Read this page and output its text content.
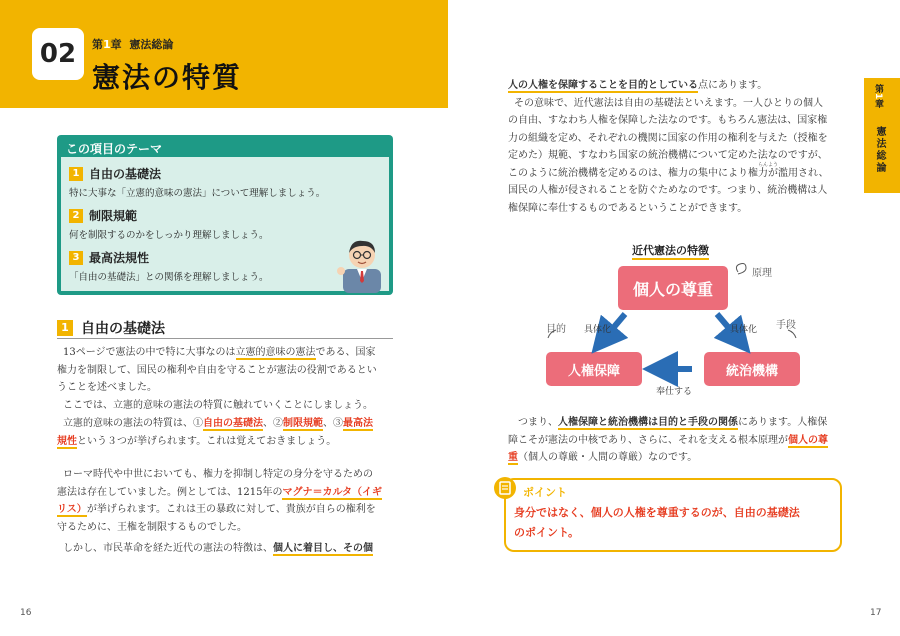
02	第1章 憲法総論
憲法の特質
この項目のテーマ
1 自由の基礎法
特に大事な「立憲的意味の憲法」について理解しましょう。
2 制限規範
何を制限するのかをしっかり理解しましょう。
3 最高法規性
「自由の基礎法」との関係を理解しましょう。
1 自由の基礎法
13ページで憲法の中で特に大事なのは立憲的意味の憲法である、国家
権力を制限して、国民の権利や自由を守ることが憲法の役割であるとい
うことを述べました。
ここでは、立憲的意味の憲法の特質に触れていくことにしましょう。
立憲的意味の憲法の特質は、①自由の基礎法、②制限規範、③最高法
規性という３つが挙げられます。これは覚えておきましょう。
ローマ時代や中世においても、権力を抑制し特定の身分を守るための
憲法は存在していました。例としては、1215年のマグナ＝カルタ（イギ
リス）が挙げられます。これは王の暴政に対して、貴族が自らの権利を
守るために、王権を制限するものでした。
しかし、市民革命を経た近代の憲法の特徴は、個人に着目し、その個
16
第1章
憲法総論
人の人権を保障することを目的としている点にあります。
その意味で、近代憲法は自由の基礎法といえます。一人ひとりの個人
の自由、すなわち人権を保障した法なのです。もちろん憲法は、国家権
力の組織を定め、それぞれの機関に国家の作用の権利を与えた（授権を
定めた）規範、すなわち国家の統治機構について定めた法なのですが、
このように統治機構を定めるのは、権力の集中により権力が濫用され、
国民の人権が侵されることを防ぐためなのです。つまり、統治機構は人
権保障に奉仕するものであるということができます。
らんよう
近代憲法の特徴
個人の尊重
人権保障	統治機構
原理
目的	手段
具体化	具体化
奉仕する
つまり、人権保障と統治機構は目的と手段の関係にあります。人権保
障こそが憲法の中核であり、さらに、それを支える根本原理が個人の尊
重（個人の尊厳・人間の尊厳）なのです。
ポイント
身分ではなく、個人の人権を尊重するのが、自由の基礎法
のポイント。
17
